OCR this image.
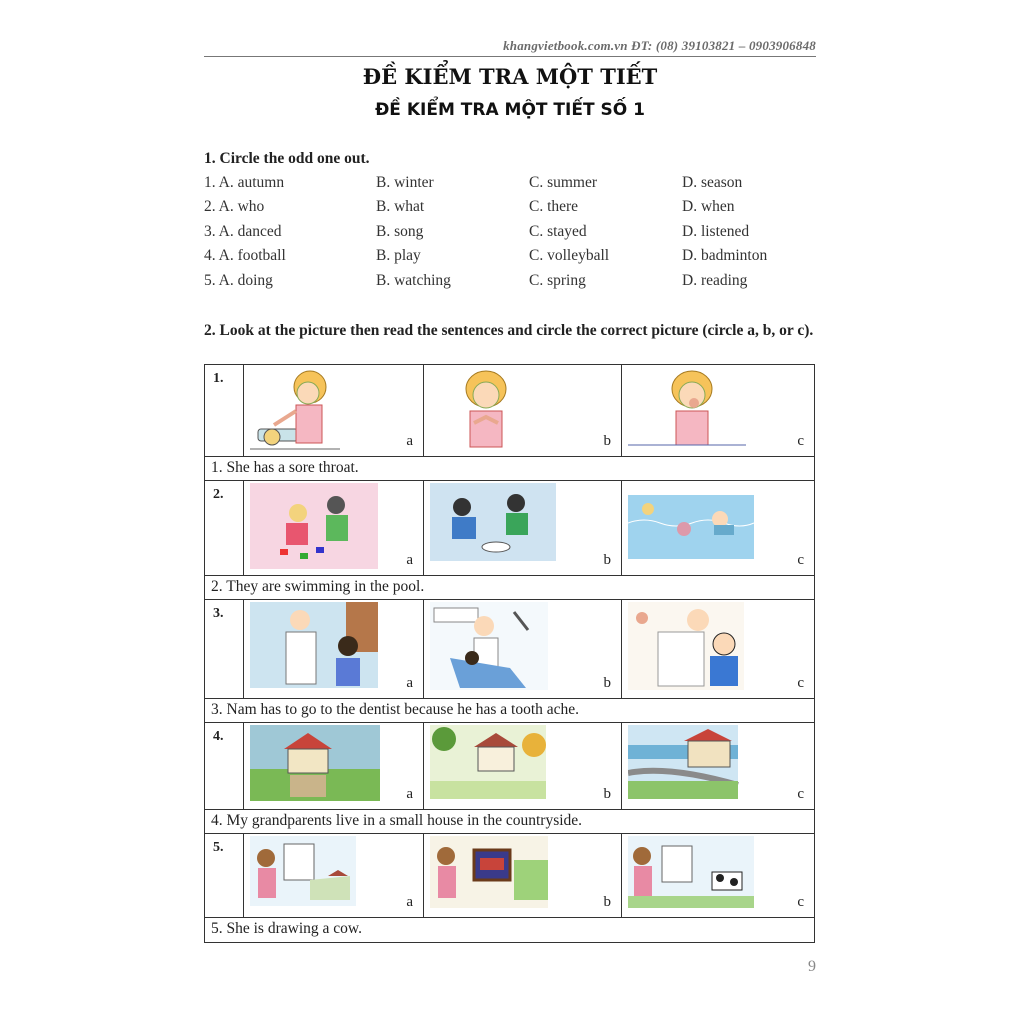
khangvietbook.com.vn ĐT: (08) 39103821 – 0903906848
ĐỀ KIỂM TRA MỘT TIẾT
ĐỀ KIỂM TRA MỘT TIẾT SỐ 1
1. Circle the odd one out.
1. A. autumn	B. winter	C. summer	D. season
2. A. who	B. what	C. there	D. when
3. A. danced	B. song	C. stayed	D. listened
4. A. football	B. play	C. volleyball	D. badminton
5. A. doing	B. watching	C. spring	D. reading
2. Look at the picture then read the sentences and circle the correct picture (circle a, b, or c).
1.
a	b	c
1. She has a sore throat.
2.
a	b	c
2. They are swimming in the pool.
3.
a	b	c
3. Nam has to go to the dentist because he has a tooth ache.
4.
a	b	c
4. My grandparents live in a small house in the countryside.
5.
a	b	c
5. She is drawing a cow.
9
